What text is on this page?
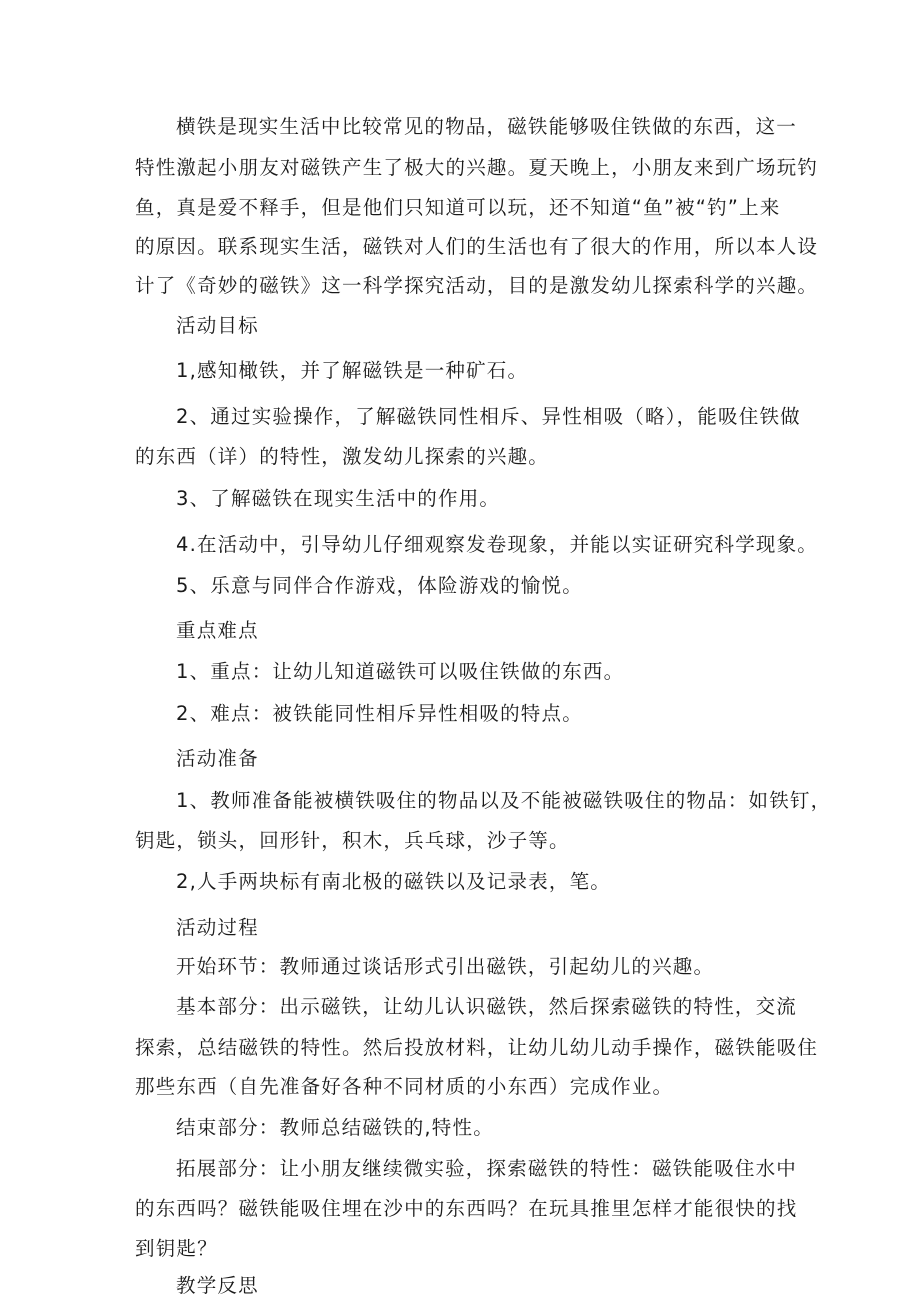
横铁是现实生活中比较常见的物品，磁铁能够吸住铁做的东西，这一
特性激起小朋友对磁铁产生了极大的兴趣。夏天晚上，小朋友来到广场玩钓
鱼，真是爱不释手，但是他们只知道可以玩，还不知道“鱼”被“钓”上来
的原因。联系现实生活，磁铁对人们的生活也有了很大的作用，所以本人设
计了《奇妙的磁铁》这一科学探究活动，目的是激发幼儿探索科学的兴趣。
活动目标
1,感知橄铁，并了解磁铁是一种矿石。
2、通过实验操作，了解磁铁同性相斥、异性相吸（略），能吸住铁做
的东西（详）的特性，激发幼儿探索的兴趣。
3、了解磁铁在现实生活中的作用。
4.在活动中，引导幼儿仔细观察发卷现象，并能以实证研究科学现象。
5、乐意与同伴合作游戏，体险游戏的愉悦。
重点难点
1、重点：让幼儿知道磁铁可以吸住铁做的东西。
2、难点：被铁能同性相斥异性相吸的特点。
活动准备
1、教师准备能被横铁吸住的物品以及不能被磁铁吸住的物品：如铁钉，
钥匙，锁头，回形针，积木，兵乓球，沙子等。
2,人手两块标有南北极的磁铁以及记录表，笔。
活动过程
开始环节：教师通过谈话形式引出磁铁，引起幼儿的兴趣。
基本部分：出示磁铁，让幼儿认识磁铁，然后探索磁铁的特性，交流
探索，总结磁铁的特性。然后投放材料，让幼儿幼儿动手操作，磁铁能吸住
那些东西（自先准备好各种不同材质的小东西）完成作业。
结束部分：教师总结磁铁的,特性。
拓展部分：让小朋友继续微实验，探索磁铁的特性：磁铁能吸住水中
的东西吗？磁铁能吸住埋在沙中的东西吗？在玩具推里怎样才能很快的找
到钥匙？
教学反思
